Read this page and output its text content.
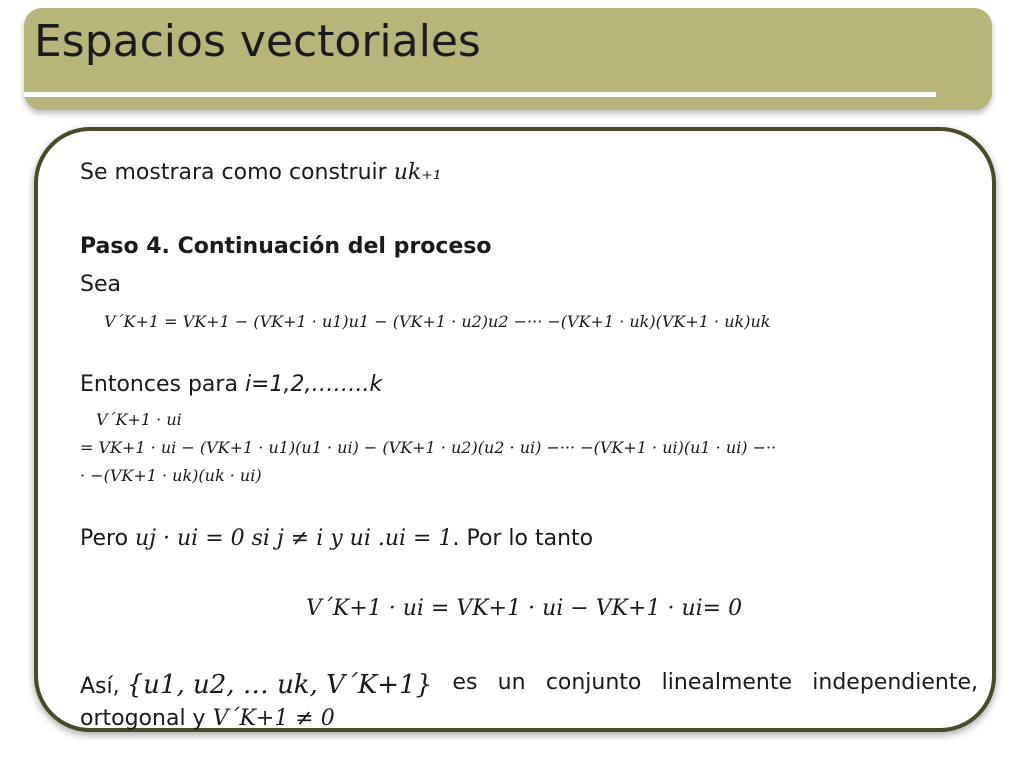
Espacios vectoriales
Se mostrara como construir u𝑘₊₁
Paso 4. Continuación del proceso
Sea
V´K+1 = VK+1 − (VK+1 · u1)u1 − (VK+1 · u2)u2 −··· −(VK+1 · uk)(VK+1 · uk)uk
Entonces para i=1,2,……..k
V´K+1 · ui
= VK+1 · ui − (VK+1 · u1)(u1 · ui) − (VK+1 · u2)(u2 · ui) −··· −(VK+1 · ui)(u1 · ui) −··
· −(VK+1 · uk)(uk · ui)
Pero uj · ui = 0 si j ≠ i y ui .ui = 1. Por lo tanto
V´K+1 · ui = VK+1 · ui − VK+1 · ui= 0
Así, {u1, u2, … uk, V´K+1} es un conjunto linealmente independiente,
ortogonal y V´K+1 ≠ 0
